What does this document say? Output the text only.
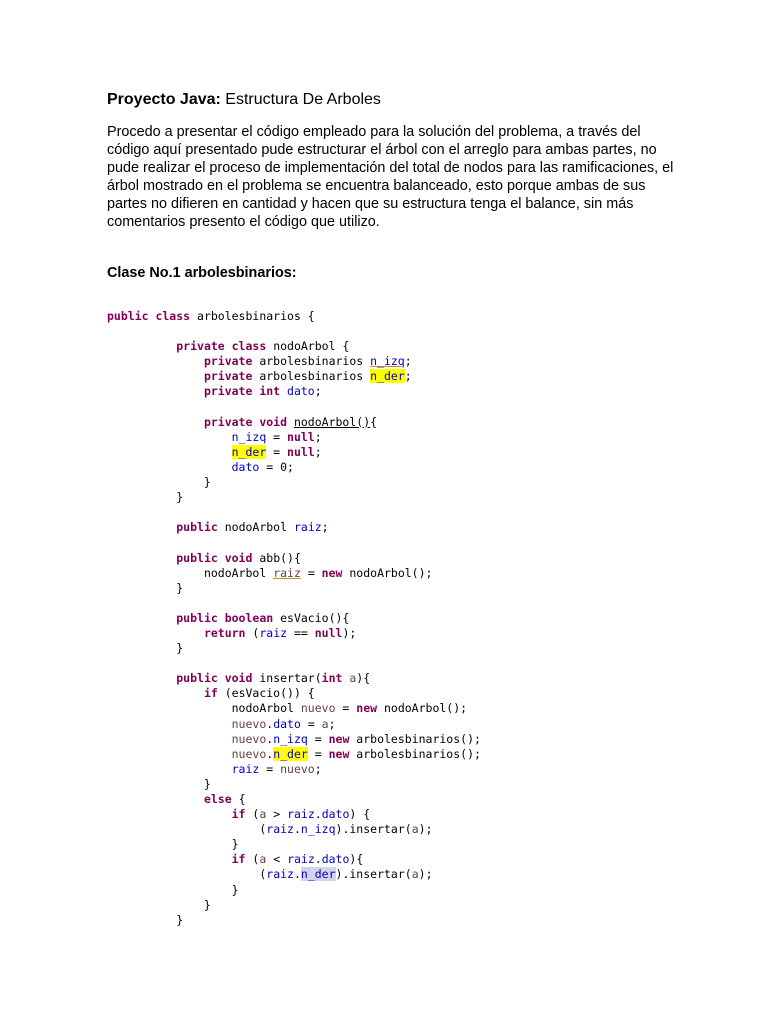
Proyecto Java: Estructura De Arboles
Procedo a presentar el código empleado para la solución del problema, a través del
código aquí presentado pude estructurar el árbol con el arreglo para ambas partes, no
pude realizar el proceso de implementación del total de nodos para las ramificaciones, el
árbol mostrado en el problema se encuentra balanceado, esto porque ambas de sus
partes no difieren en cantidad y hacen que su estructura tenga el balance, sin más
comentarios presento el código que utilizo.
Clase No.1 arbolesbinarios:
public class arbolesbinarios {

private class nodoArbol {
private arbolesbinarios n_izq;
private arbolesbinarios n_der;
private int dato;

private void nodoArbol(){
n_izq = null;
n_der = null;
dato = 0;
}
}

public nodoArbol raiz;

public void abb(){
nodoArbol raiz = new nodoArbol();
}

public boolean esVacio(){
return (raiz == null);
}

public void insertar(int a){
if (esVacio()) {
nodoArbol nuevo = new nodoArbol();
nuevo.dato = a;
nuevo.n_izq = new arbolesbinarios();
nuevo.n_der = new arbolesbinarios();
raiz = nuevo;
}
else {
if (a > raiz.dato) {
(raiz.n_izq).insertar(a);
}
if (a < raiz.dato){
(raiz.n_der).insertar(a);
}
}
}
